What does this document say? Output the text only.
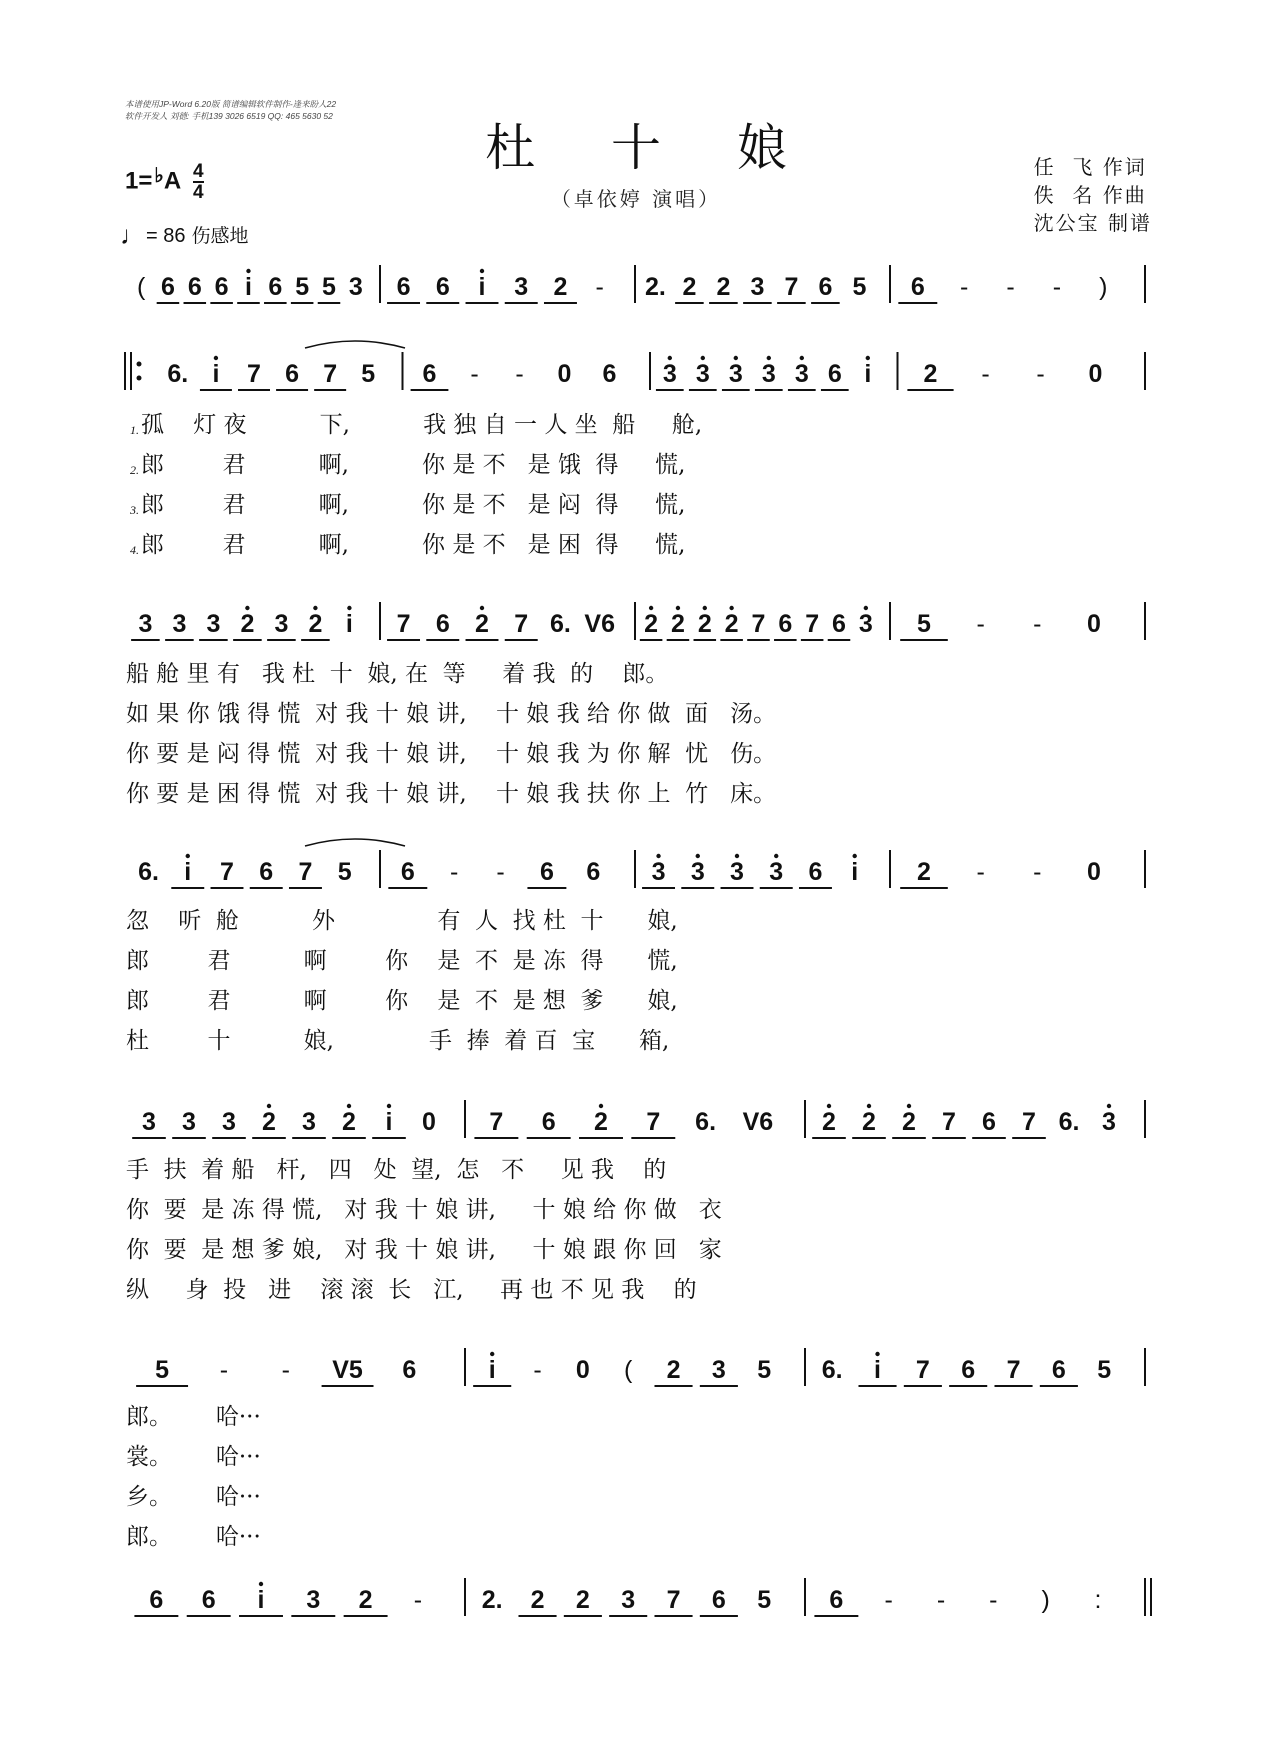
本谱使用JP-Word 6.20版 简谱编辑软件制作-逢来盼人22
软件开发人 刘德: 手机139 3026 6519 QQ: 465 5630 52
杜 十 娘
（卓依婷 演唱）
$1= ^♭A \frac{4}{4}$
♩= 86 伤感地
任  飞 作词
佚  名 作曲
沈公宝 制谱
( 6 6 6 i 6 5 5 3 6 6 i 3 2 - 2. 2 2 3 7 6 5 6 - - - )
6. i 7 6 7 5 6 - - 0 6 3 3 3 3 3 6 i 2 - - 0
3 3 3 2 3 2 i 7 6 2 7 6. V6 2 2 2 2 7 6 7 6 3 5 - - 0
6. i 7 6 7 5 6 - - 6 6 3 3 3 3 6 i 2 - - 0
3 3 3 2 3 2 i 0 7 6 2 7 6. V6 2 2 2 7 6 7 6. 3
5 - - V5 6	i - 0 ( 2 3 5 6. i 7 6 7 6 5
6 6 i 3 2 - 2. 2 2 3 7 6 5 6 - - - ) :
$_{1.}$孤    灯 夜          下,          我 独 自 一 人 坐  船     舱,
$_{2.}$郎        君          啊,          你 是 不   是 饿  得     慌,
$_{3.}$郎        君          啊,          你 是 不   是 闷  得     慌,
$_{4.}$郎        君          啊,          你 是 不   是 困  得     慌,
船 舱 里 有   我 杜  十  娘, 在  等     着 我  的    郎。
如 果 你 饿 得 慌  对 我 十 娘 讲,    十 娘 我 给 你 做  面   汤。
你 要 是 闷 得 慌  对 我 十 娘 讲,    十 娘 我 为 你 解  忧   伤。
你 要 是 困 得 慌  对 我 十 娘 讲,    十 娘 我 扶 你 上  竹   床。
忽    听  舱          外              有  人  找 杜  十      娘,
郎        君          啊        你    是  不  是 冻  得      慌,
郎        君          啊        你    是  不  是 想  爹      娘,
杜        十          娘,             手  捧  着 百  宝      箱,
手  扶  着 船   杆,   四   处  望,  怎   不     见 我    的
你  要  是 冻 得 慌,   对 我 十 娘 讲,     十 娘 给 你 做   衣
你  要  是 想 爹 娘,   对 我 十 娘 讲,     十 娘 跟 你 回   家
纵     身  投   进    滚 滚  长   江,     再 也 不 见 我    的
郎。      哈···
裳。      哈···
乡。      哈···
郎。      哈···
